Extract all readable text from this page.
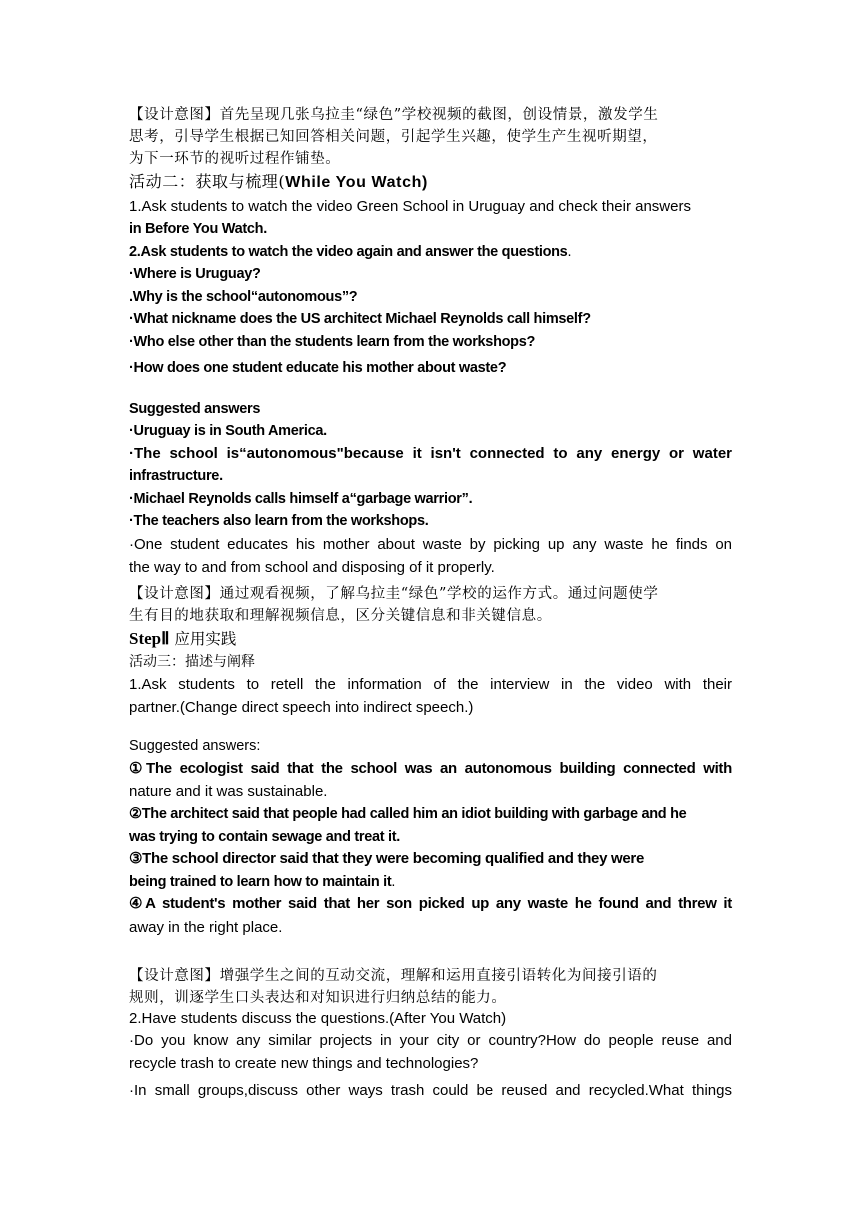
【设计意图】首先呈现几张乌拉圭“绿色”学校视频的截图，创设情景，激发学生

思考，引导学生根据已知回答相关问题，引起学生兴趣，使学生产生视听期望，

为下一环节的视听过程作铺垫。

活动二：获取与梳理(While You Watch)

1.Ask students to watch the video Green School in Uruguay and check their answers

in Before You Watch.

2.Ask students to watch the video again and answer the questions.

·Where is Uruguay?

.Why is the school“autonomous”?

·What nickname does the US architect Michael Reynolds call himself?

·Who else other than the students learn from the workshops?

·How does one student educate his mother about waste?

Suggested answers

·Uruguay is in South America.

·The school is“autonomous"because it isn't connected to any energy or water

infrastructure.

·Michael Reynolds calls himself a“garbage warrior”.

·The teachers also learn from the workshops.

·One student educates his mother about waste by picking up any waste he finds on

the way to and from school and disposing of it properly.

【设计意图】通过观看视频，了解乌拉圭“绿色”学校的运作方式。通过问题使学

生有目的地获取和理解视频信息，区分关键信息和非关键信息。

StepⅡ 应用实践

活动三：描述与阐释

1.Ask students to retell the information of the interview in the video with their

partner.(Change direct speech into indirect speech.)

Suggested answers:

①The ecologist said that the school was an autonomous building connected with

nature and it was sustainable.

②The architect said that people had called him an idiot building with garbage and he

was trying to contain sewage and treat it.

③The school director said that they were becoming qualified and they were

being trained to learn how to maintain it.

④A student's mother said that her son picked up any waste he found and threw it

away in the right place.

【设计意图】增强学生之间的互动交流，理解和运用直接引语转化为间接引语的

规则，训逐学生口头表达和对知识进行归纳总结的能力。

2.Have students discuss the questions.(After You Watch)

·Do you know any similar projects in your city or country?How do people reuse and

recycle trash to create new things and technologies?

·In small groups,discuss other ways trash could be reused and recycled.What things
